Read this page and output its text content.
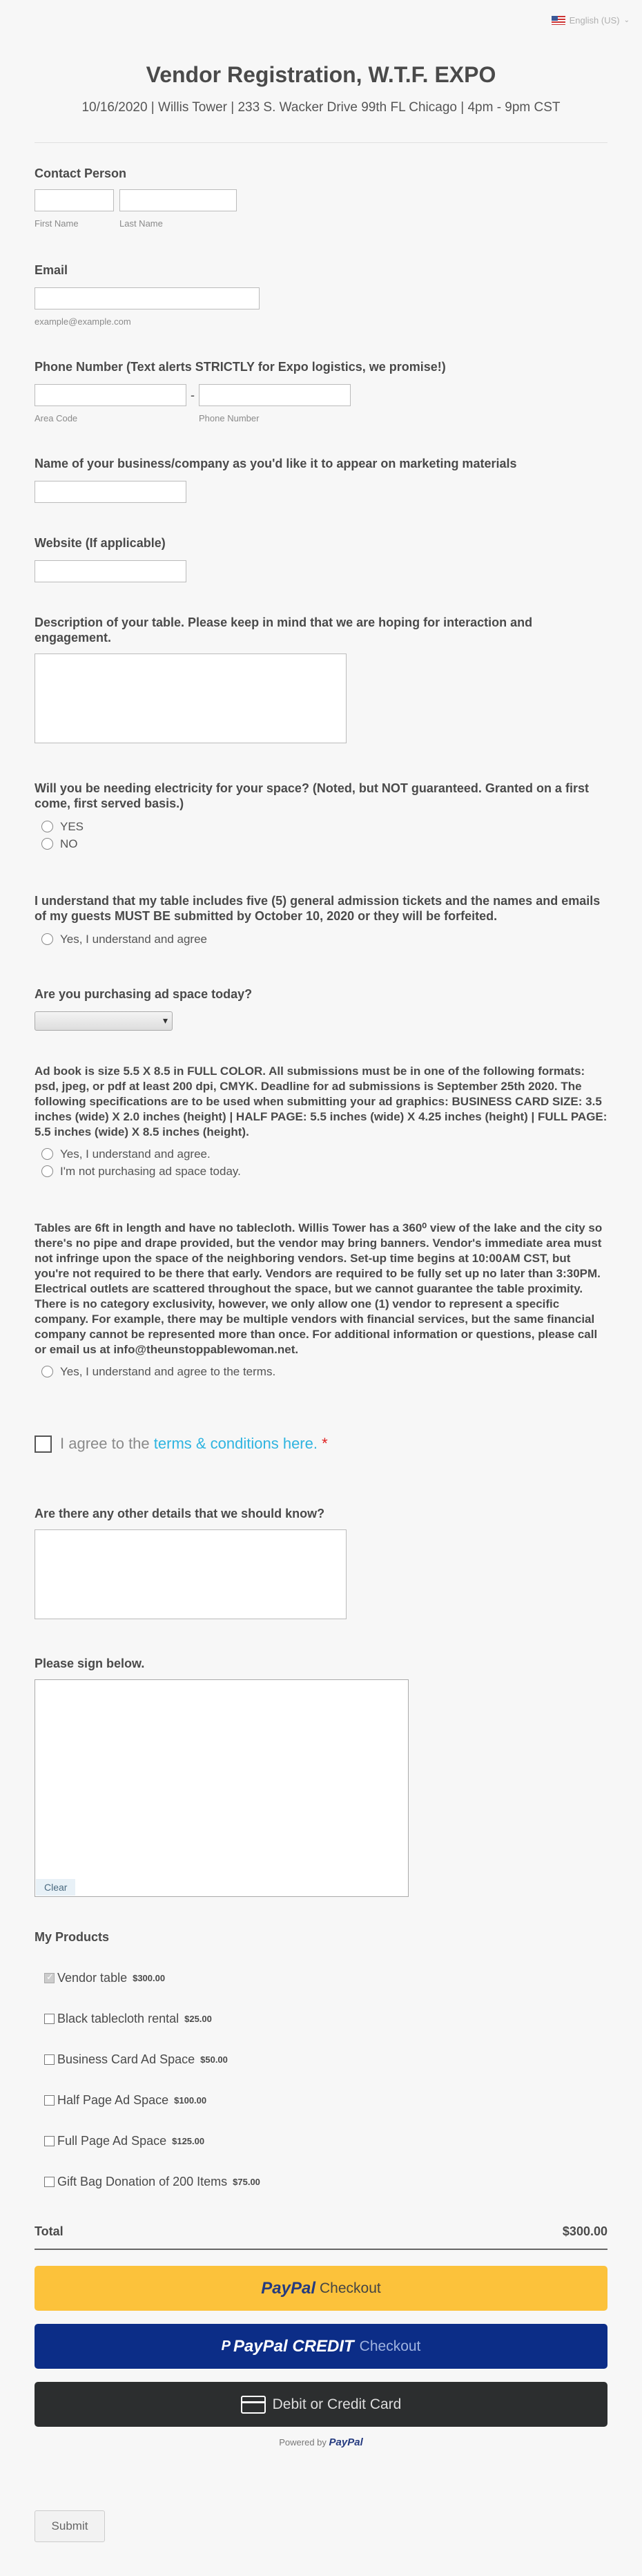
English (US) ⌄
Vendor Registration, W.T.F. EXPO

10/16/2020 | Willis Tower | 233 S. Wacker Drive 99th FL Chicago | 4pm - 9pm CST

Contact Person
First Name	Last Name
Email
example@example.com
Phone Number (Text alerts STRICTLY for Expo logistics, we promise!)
Area Code
-
Phone Number
Name of your business/company as you'd like it to appear on marketing materials
Website (If applicable)
Description of your table. Please keep in mind that we are hoping for interaction and engagement.
Will you be needing electricity for your space? (Noted, but NOT guaranteed. Granted on a first come, first served basis.)
YES
NO
I understand that my table includes five (5) general admission tickets and the names and emails of my guests MUST BE submitted by October 10, 2020 or they will be forfeited.
Yes, I understand and agree
Are you purchasing ad space today?
▾
Ad book is size 5.5 X 8.5 in FULL COLOR. All submissions must be in one of the following formats: psd, jpeg, or pdf at least 200 dpi, CMYK. Deadline for ad submissions is September 25th 2020. The following specifications are to be used when submitting your ad graphics: BUSINESS CARD SIZE: 3.5 inches (wide) X 2.0 inches (height) | HALF PAGE: 5.5 inches (wide) X 4.25 inches (height) | FULL PAGE: 5.5 inches (wide) X 8.5 inches (height).
Yes, I understand and agree.
I'm not purchasing ad space today.
Tables are 6ft in length and have no tablecloth. Willis Tower has a 360⁰ view of the lake and the city so there's no pipe and drape provided, but the vendor may bring banners. Vendor's immediate area must not infringe upon the space of the neighboring vendors. Set-up time begins at 10:00AM CST, but you're not required to be there that early. Vendors are required to be fully set up no later than 3:30PM. Electrical outlets are scattered throughout the space, but we cannot guarantee the table proximity. There is no category exclusivity, however, we only allow one (1) vendor to represent a specific company. For example, there may be multiple vendors with financial services, but the same financial company cannot be represented more than once. For additional information or questions, please call or email us at info@theunstoppablewoman.net.
Yes, I understand and agree to the terms.
I agree to the terms & conditions here. *
Are there any other details that we should know?
Please sign below.
Clear
My Products
✓
Vendor table $300.00
Black tablecloth rental $25.00
Business Card Ad Space $50.00
Half Page Ad Space $100.00
Full Page Ad Space $125.00
Gift Bag Donation of 200 Items $75.00
Total	$300.00
PayPal Checkout
P PayPal CREDIT Checkout
Debit or Credit Card
Powered by PayPal
Submit
